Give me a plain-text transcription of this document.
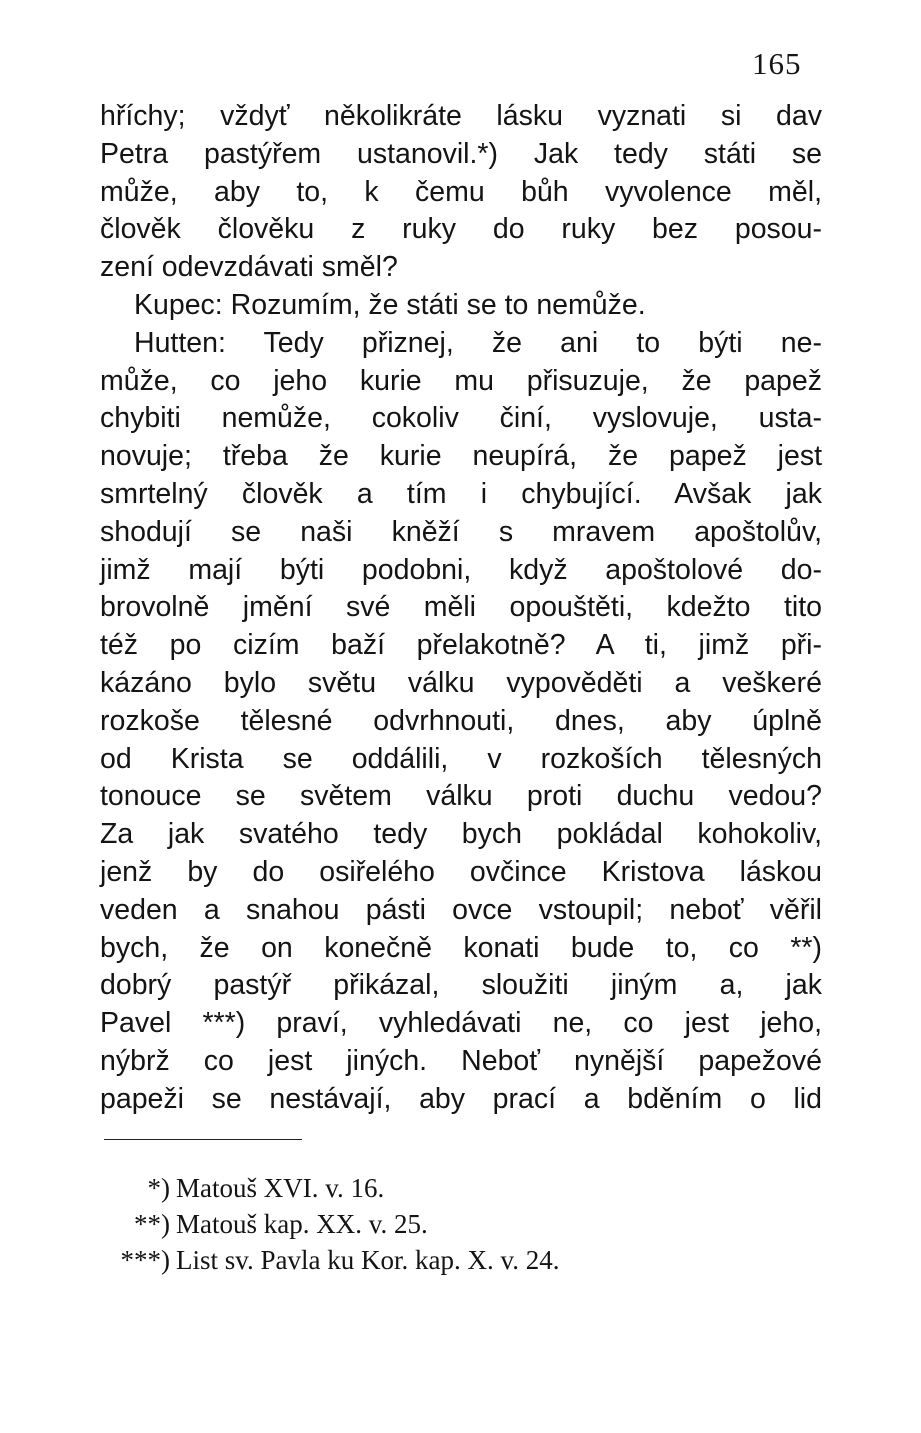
165
hříchy; vždyť několikráte lásku vyznati si dav
Petra pastýřem ustanovil.*) Jak tedy státi se
může, aby to, k čemu bůh vyvolence měl,
člověk člověku z ruky do ruky bez posou-
zení odevzdávati směl?
Kupec: Rozumím, že státi se to nemůže.
Hutten: Tedy přiznej, že ani to býti ne-
může, co jeho kurie mu přisuzuje, že papež
chybiti nemůže, cokoliv činí, vyslovuje, usta-
novuje; třeba že kurie neupírá, že papež jest
smrtelný člověk a tím i chybující. Avšak jak
shodují se naši kněží s mravem apoštolův,
jimž mají býti podobni, když apoštolové do-
brovolně jmění své měli opouštěti, kdežto tito
též po cizím baží přelakotně? A ti, jimž při-
kázáno bylo světu válku vypověděti a veškeré
rozkoše tělesné odvrhnouti, dnes, aby úplně
od Krista se oddálili, v rozkoších tělesných
tonouce se světem válku proti duchu vedou?
Za jak svatého tedy bych pokládal kohokoliv,
jenž by do osiřelého ovčince Kristova láskou
veden a snahou pásti ovce vstoupil; neboť věřil
bych, že on konečně konati bude to, co **)
dobrý pastýř přikázal, sloužiti jiným a, jak
Pavel ***) praví, vyhledávati ne, co jest jeho,
nýbrž co jest jiných. Neboť nynější papežové
papeži se nestávají, aby prací a bděním o lid
*) Matouš XVI. v. 16.
**) Matouš kap. XX. v. 25.
***) List sv. Pavla ku Kor. kap. X. v. 24.
